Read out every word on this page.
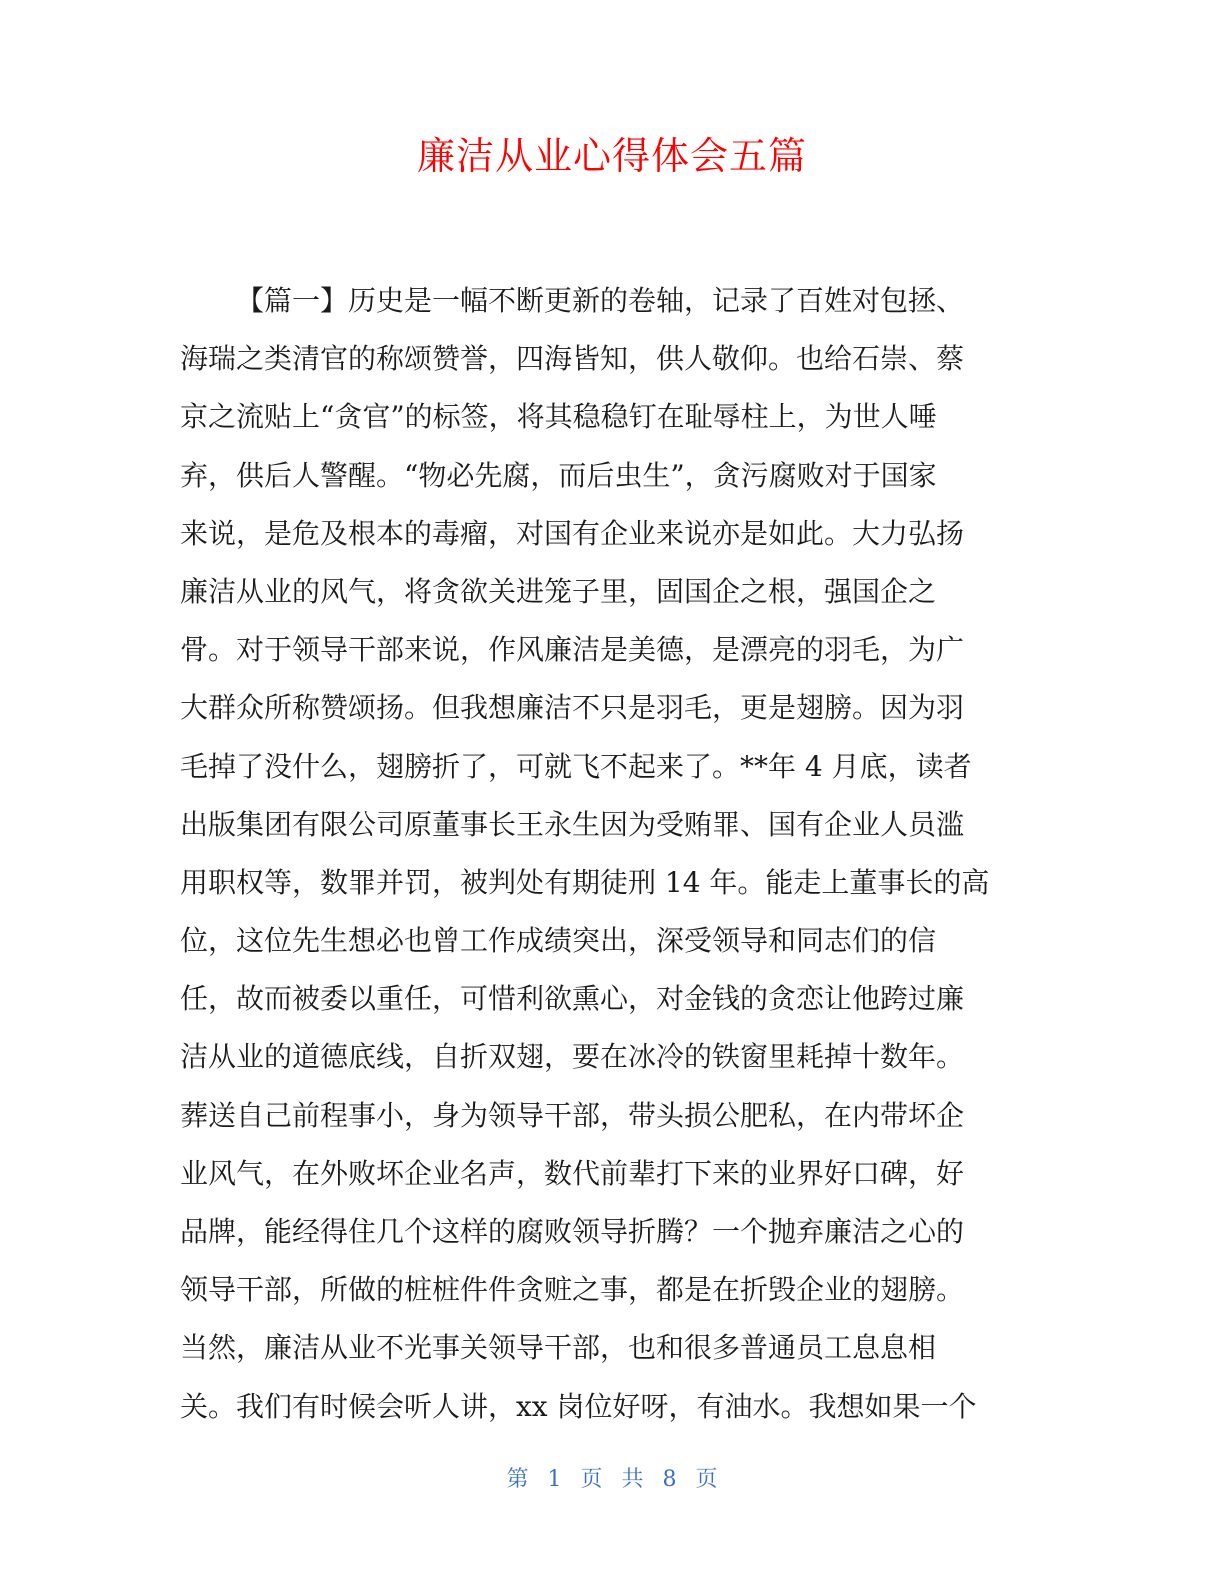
廉洁从业心得体会五篇
【篇一】历史是一幅不断更新的卷轴，记录了百姓对包拯、
海瑞之类清官的称颂赞誉，四海皆知，供人敬仰。也给石崇、蔡
京之流贴上“贪官”的标签，将其稳稳钉在耻辱柱上，为世人唾
弃，供后人警醒。“物必先腐，而后虫生”，贪污腐败对于国家
来说，是危及根本的毒瘤，对国有企业来说亦是如此。大力弘扬
廉洁从业的风气，将贪欲关进笼子里，固国企之根，强国企之
骨。对于领导干部来说，作风廉洁是美德，是漂亮的羽毛，为广
大群众所称赞颂扬。但我想廉洁不只是羽毛，更是翅膀。因为羽
毛掉了没什么，翅膀折了，可就飞不起来了。**年 4 月底，读者
出版集团有限公司原董事长王永生因为受贿罪、国有企业人员滥
用职权等，数罪并罚，被判处有期徒刑 14 年。能走上董事长的高
位，这位先生想必也曾工作成绩突出，深受领导和同志们的信
任，故而被委以重任，可惜利欲熏心，对金钱的贪恋让他跨过廉
洁从业的道德底线，自折双翅，要在冰冷的铁窗里耗掉十数年。
葬送自己前程事小，身为领导干部，带头损公肥私，在内带坏企
业风气，在外败坏企业名声，数代前辈打下来的业界好口碑，好
品牌，能经得住几个这样的腐败领导折腾？一个抛弃廉洁之心的
领导干部，所做的桩桩件件贪赃之事，都是在折毁企业的翅膀。
当然，廉洁从业不光事关领导干部，也和很多普通员工息息相
关。我们有时候会听人讲，xx 岗位好呀，有油水。我想如果一个
第 1 页 共 8 页
